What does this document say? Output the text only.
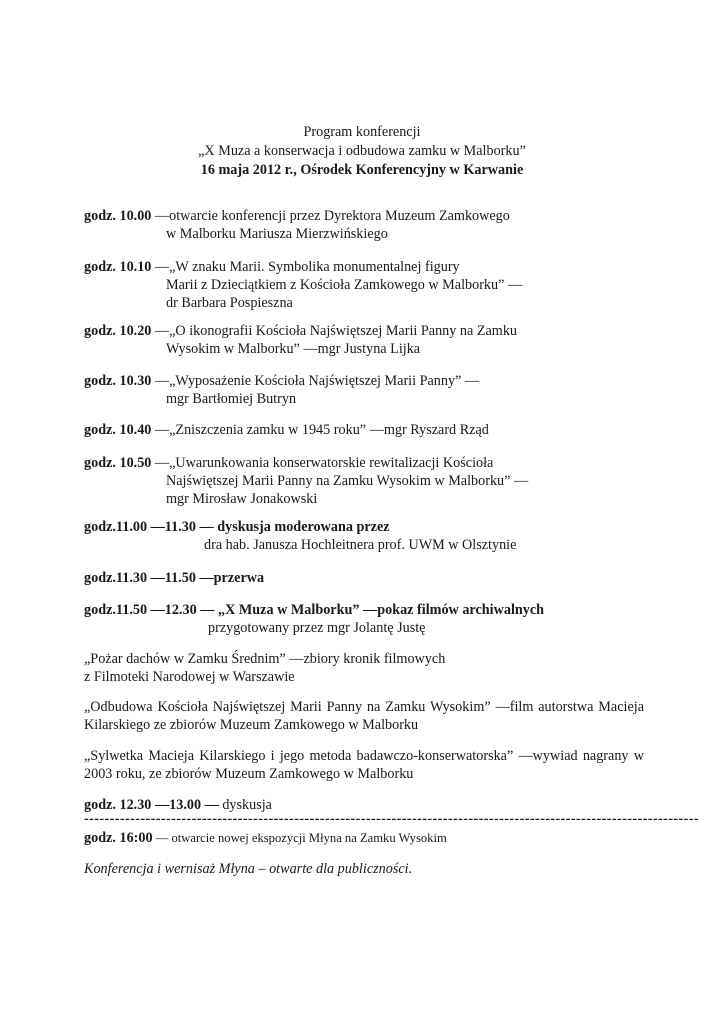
Program konferencji
„X Muza a konserwacja i odbudowa zamku w Malborku”
16 maja 2012 r., Ośrodek Konferencyjny w Karwanie
godz. 10.00 —otwarcie konferencji przez Dyrektora Muzeum Zamkowego
w Malborku Mariusza Mierzwińskiego
godz. 10.10 —„W znaku Marii. Symbolika monumentalnej figury
Marii z Dzieciątkiem z Kościoła Zamkowego w Malborku” —
dr Barbara Pospieszna
godz. 10.20 —„O ikonografii Kościoła Najświętszej Marii Panny na Zamku
Wysokim w Malborku” —mgr Justyna Lijka
godz. 10.30 —„Wyposażenie Kościoła Najświętszej Marii Panny” —
mgr Bartłomiej Butryn
godz. 10.40 —„Zniszczenia zamku w 1945 roku” —mgr Ryszard Rząd
godz. 10.50 —„Uwarunkowania konserwatorskie rewitalizacji Kościoła
Najświętszej Marii Panny na Zamku Wysokim w Malborku” —
mgr Mirosław Jonakowski
godz.11.00 —11.30 — dyskusja moderowana przez
dra hab. Janusza Hochleitnera prof. UWM w Olsztynie
godz.11.30 —11.50 —przerwa
godz.11.50 —12.30 — „X Muza w Malborku” —pokaz filmów archiwalnych
przygotowany przez mgr Jolantę Justę
„Pożar dachów w Zamku Średnim” —zbiory kronik filmowych
z Filmoteki Narodowej w Warszawie
„Odbudowa Kościoła Najświętszej Marii Panny na Zamku Wysokim” —film autorstwa Macieja
Kilarskiego ze zbiorów Muzeum Zamkowego w Malborku
„Sylwetka Macieja Kilarskiego i jego metoda badawczo-konserwatorska” —wywiad nagrany w
2003 roku, ze zbiorów Muzeum Zamkowego w Malborku
godz. 12.30 —13.00 — dyskusja
------------------------------------------------------------------------------------------------------------------------
godz. 16:00 — otwarcie nowej ekspozycji Młyna na Zamku Wysokim
Konferencja i wernisaż Młyna – otwarte dla publiczności.
